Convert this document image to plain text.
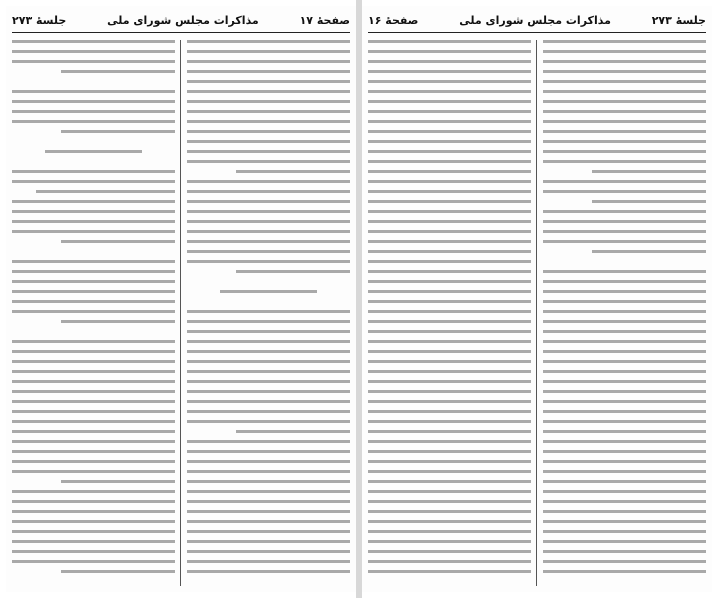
صفحهٔ ۱۷
مذاکرات مجلس شورای ملی
جلسهٔ ۲۷۳	جلسهٔ ۲۷۳
مذاکرات مجلس شورای ملی
صفحهٔ ۱۶
